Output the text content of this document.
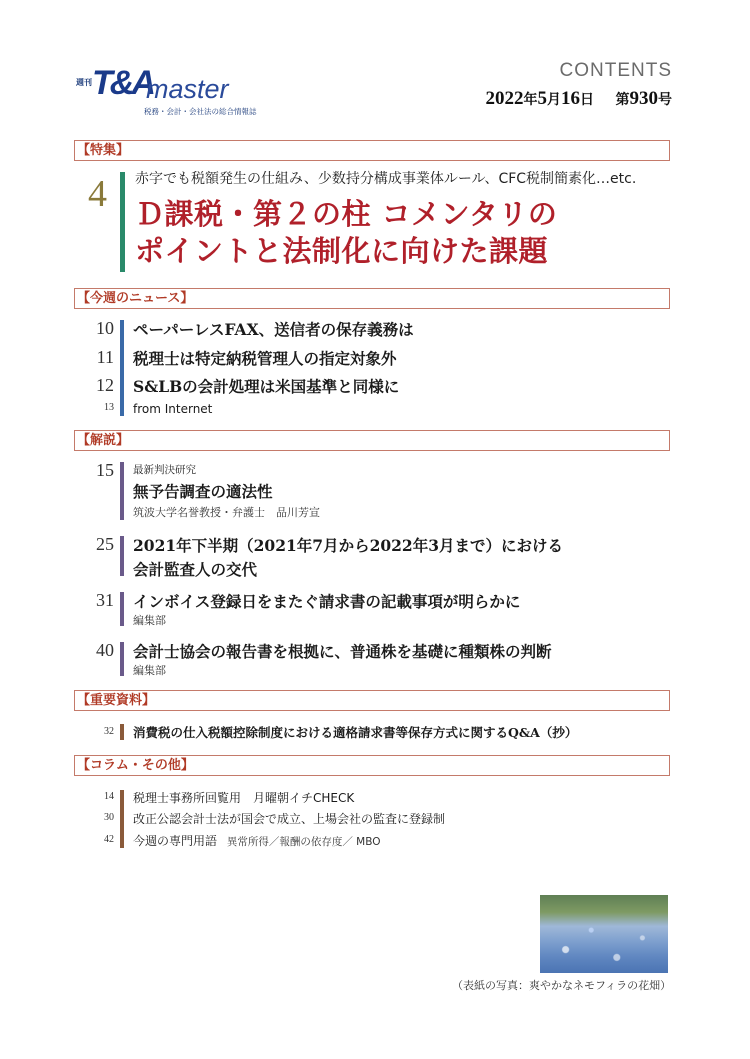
週刊 T&A
master
税務・会計・会社法の総合情報誌
CONTENTS
2022年5月16日 第930号
【特集】
4 赤字でも税額発生の仕組み、少数持分構成事業体ルール、CFC税制簡素化…etc.
Ｄ課税・第２の柱 コメンタリの
ポイントと法制化に向けた課題
【今週のニュース】
10 ペーパーレスFAX、送信者の保存義務は
11 税理士は特定納税管理人の指定対象外
12 S&LBの会計処理は米国基準と同様に
13 from Internet
【解説】
15 最新判決研究
無予告調査の適法性
筑波大学名誉教授・弁護士　品川芳宣
25 2021年下半期（2021年7月から2022年3月まで）における
会計監査人の交代
31 インボイス登録日をまたぐ請求書の記載事項が明らかに
編集部
40 会計士協会の報告書を根拠に、普通株を基礎に種類株の判断
編集部
【重要資料】
32 消費税の仕入税額控除制度における適格請求書等保存方式に関するQ&A（抄）
【コラム・その他】
14 税理士事務所回覧用　月曜朝イチCHECK
30 改正公認会計士法が国会で成立、上場会社の監査に登録制
42 今週の専門用語 異常所得／報酬の依存度／ MBO
（表紙の写真：爽やかなネモフィラの花畑）
